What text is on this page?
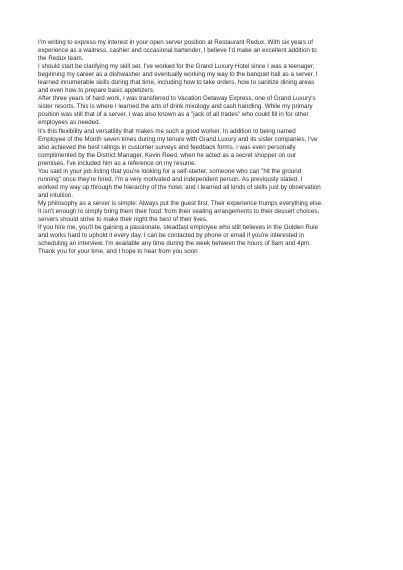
I'm writing to express my interest in your open server position at Restaurant Redux. With six years of

experience as a waitress, cashier and occasional bartender, I believe I'd make an excellent addition to

the Redux team.

I should start be clarifying my skill set. I've worked for the Grand Luxury Hotel since I was a teenager,

beginning my career as a dishwasher and eventually working my way to the banquet hall as a server. I

learned innumerable skills during that time, including how to take orders, how to sanitize dining areas

and even how to prepare basic appetizers.

After three years of hard work, I was transferred to Vacation Getaway Express, one of Grand Luxury's

sister resorts. This is where I learned the arts of drink mixology and cash handling. While my primary

position was still that of a server, I was also known as a "jack of all trades" who could fill in for other

employees as needed.

It's this flexibility and versatility that makes me such a good worker. In addition to being named

Employee of the Month seven times during my tenure with Grand Luxury and its sister companies, I've

also achieved the best ratings in customer surveys and feedback forms. I was even personally

complimented by the District Manager, Kevin Reed, when he acted as a secret shopper on our

premises. I've included him as a reference on my resume.

You said in your job listing that you're looking for a self-starter, someone who can "hit the ground

running" once they're hired. I'm a very motivated and independent person. As previously stated, I

worked my way up through the hierarchy of the hotel, and I learned all kinds of skills just by observation

and intuition.

My philosophy as a server is simple: Always put the guest first. Their experience trumps everything else.

It isn't enough to simply bring them their food; from their seating arrangements to their dessert choices,

servers should strive to make their night the best of their lives.

If you hire me, you'll be gaining a passionate, steadfast employee who still believes in the Golden Rule

and works hard to uphold it every day. I can be contacted by phone or email if you're interested in

scheduling an interview. I'm available any time during the week between the hours of 8am and 4pm.

Thank you for your time, and I hope to hear from you soon
